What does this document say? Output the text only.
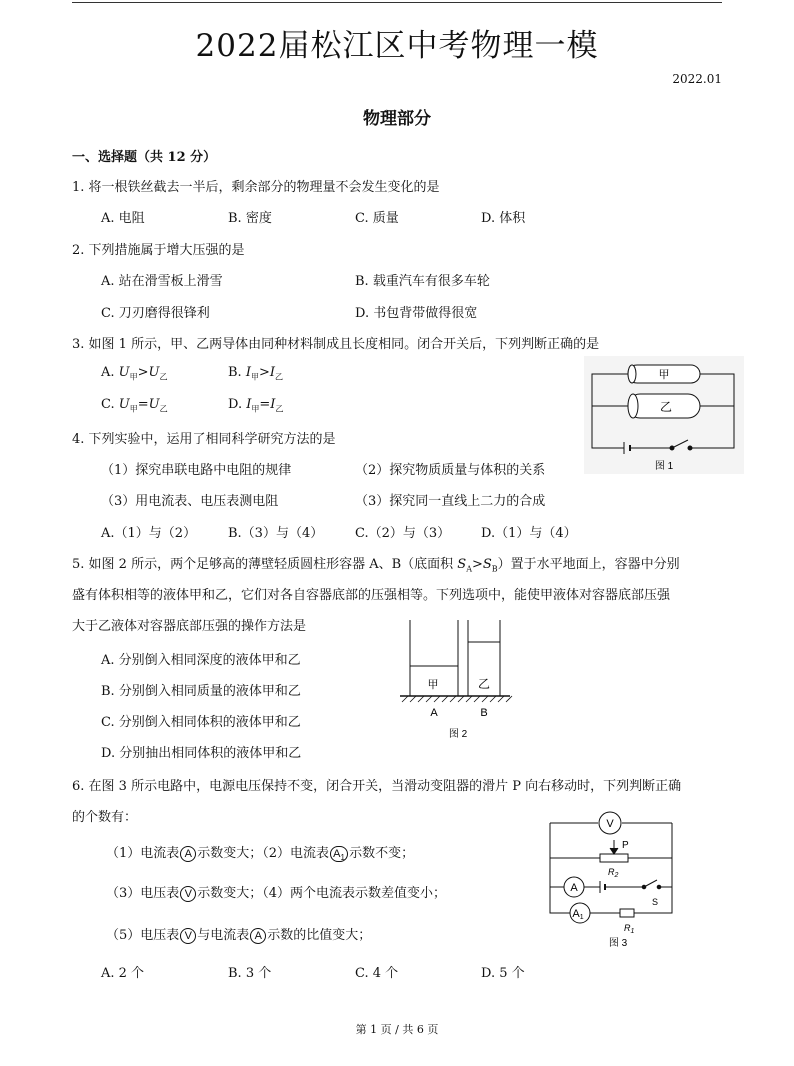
2022届松江区中考物理一模
2022.01
物理部分
一、选择题（共 12 分）
1. 将一根铁丝截去一半后，剩余部分的物理量不会发生变化的是
A. 电阻	B. 密度	C. 质量	D. 体积
2. 下列措施属于增大压强的是
A. 站在滑雪板上滑雪	B. 载重汽车有很多车轮
C. 刀刃磨得很锋利	D. 书包背带做得很宽
3. 如图 1 所示，甲、乙两导体由同种材料制成且长度相同。闭合开关后，下列判断正确的是
A. $U_甲>U_乙$	B. $I_甲>I_乙$
C. $U_甲=U_乙$	D. $I_甲=I_乙$
甲
乙
图 1
4. 下列实验中，运用了相同科学研究方法的是
（1）探究串联电路中电阻的规律	（2）探究物质质量与体积的关系
（3）用电流表、电压表测电阻	（3）探究同一直线上二力的合成
A.（1）与（2） B.（3）与（4） C.（2）与（3） D.（1）与（4）
5. 如图 2 所示，两个足够高的薄壁轻质圆柱形容器 A、B（底面积 $S_A>S_B$）置于水平地面上，容器中分别
盛有体积相等的液体甲和乙，它们对各自容器底部的压强相等。下列选项中，能使甲液体对容器底部压强
大于乙液体对容器底部压强的操作方法是
A. 分别倒入相同深度的液体甲和乙
B. 分别倒入相同质量的液体甲和乙
C. 分别倒入相同体积的液体甲和乙
D. 分别抽出相同体积的液体甲和乙
甲	乙
A	B
图 2
6. 在图 3 所示电路中，电源电压保持不变，闭合开关，当滑动变阻器的滑片 P 向右移动时，下列判断正确
的个数有：
（1）电流表 A 示数变大；（2）电流表 $A_1$ 示数不变；
（3）电压表 V 示数变大；（4）两个电流表示数差值变小；
（5）电压表 V 与电流表 A 示数的比值变大；
A. 2 个	B. 3 个	C. 4 个	D. 5 个
V
A
A1
P
$R_2$
S
$R_1$
图 3
第 1 页 / 共 6 页
